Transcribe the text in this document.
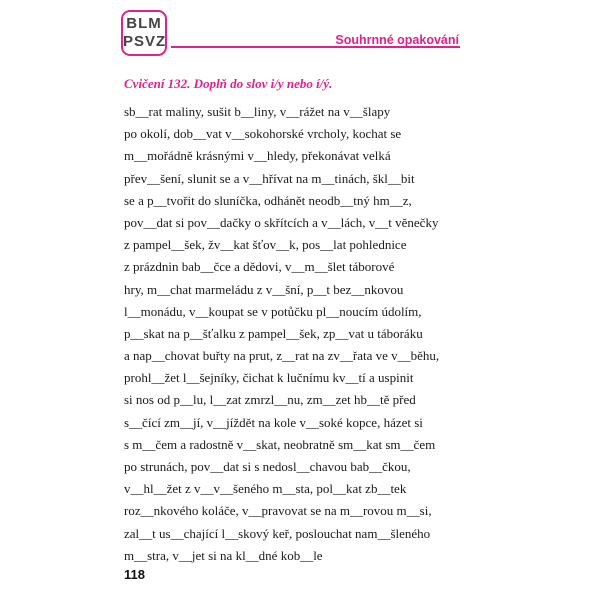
BLM
PSVZ	Souhrnné opakování
Cvičení 132. Doplň do slov i/y nebo í/ý.
sb__rat maliny, sušit b__liny, v__rážet na v__šlapy
po okolí, dob__vat v__sokohorské vrcholy, kochat se
m__mořádně krásnými v__hledy, překonávat velká
přev__šení, slunit se a v__hřívat na m__tinách, škl__bit
se a p__tvořit do sluníčka, odhánět neodb__tný hm__z,
pov__dat si pov__dačky o skřítcích a v__lách, v__t věnečky
z pampel__šek, žv__kat šťov__k, pos__lat pohlednice
z prázdnin bab__čce a dědovi, v__m__šlet táborové
hry, m__chat marmeládu z v__šní, p__t bez__nkovou
l__monádu, v__koupat se v potůčku pl__noucím údolím,
p__skat na p__šťalku z pampel__šek, zp__vat u táboráku
a nap__chovat buřty na prut, z__rat na zv__řata ve v__běhu,
prohl__žet l__šejníky, čichat k lučnímu kv__tí a uspinit
si nos od p__lu, l__zat zmrzl__nu, zm__zet hb__tě před
s__čící zm__jí, v__jíždět na kole v__soké kopce, házet si
s m__čem a radostně v__skat, neobratně sm__kat sm__čem
po strunách, pov__dat si s nedosl__chavou bab__čkou,
v__hl__žet z v__v__šeného m__sta, pol__kat zb__tek
roz__nkového koláče, v__pravovat se na m__rovou m__si,
zal__t us__chající l__skový keř, poslouchat nam__šleného
m__stra, v__jet si na kl__dné kob__le
118
